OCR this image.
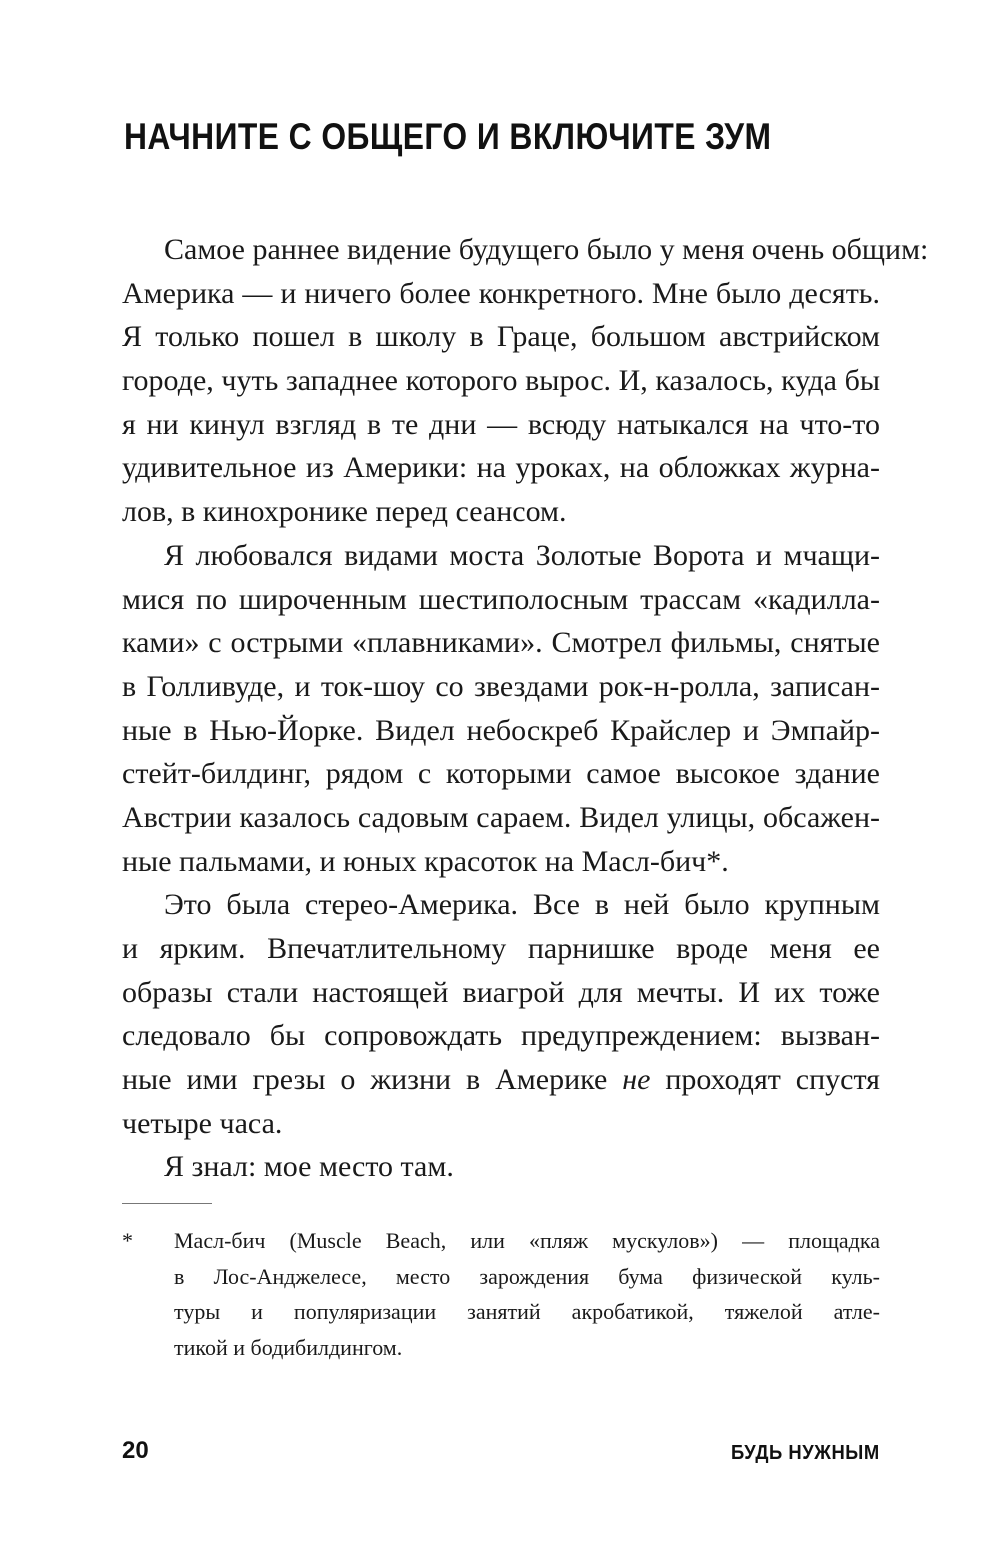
НАЧНИТЕ С ОБЩЕГО И ВКЛЮЧИТЕ ЗУМ
Самое раннее видение будущего было у меня очень общим:
Америка — и ничего более конкретного. Мне было десять.
Я только пошел в школу в Граце, большом австрийском
городе, чуть западнее которого вырос. И, казалось, куда бы
я ни кинул взгляд в те дни — всюду натыкался на что-то
удивительное из Америки: на уроках, на обложках журна-
лов, в кинохронике перед сеансом.
Я любовался видами моста Золотые Ворота и мчащи-
мися по широченным шестиполосным трассам «кадилла-
ками» с острыми «плавниками». Смотрел фильмы, снятые
в Голливуде, и ток-шоу со звездами рок-н-ролла, записан-
ные в Нью-Йорке. Видел небоскреб Крайслер и Эмпайр-
стейт-билдинг, рядом с которыми самое высокое здание
Австрии казалось садовым сараем. Видел улицы, обсажен-
ные пальмами, и юных красоток на Масл-бич*.
Это была стерео-Америка. Все в ней было крупным
и ярким. Впечатлительному парнишке вроде меня ее
образы стали настоящей виагрой для мечты. И их тоже
следовало бы сопровождать предупреждением: вызван-
ные ими грезы о жизни в Америке не проходят спустя
четыре часа.
Я знал: мое место там.
* Масл-бич (Muscle Beach, или «пляж мускулов») — площадка
в Лос-Анджелесе, место зарождения бума физической куль-
туры и популяризации занятий акробатикой, тяжелой атле-
тикой и бодибилдингом.
20	БУДЬ НУЖНЫМ
